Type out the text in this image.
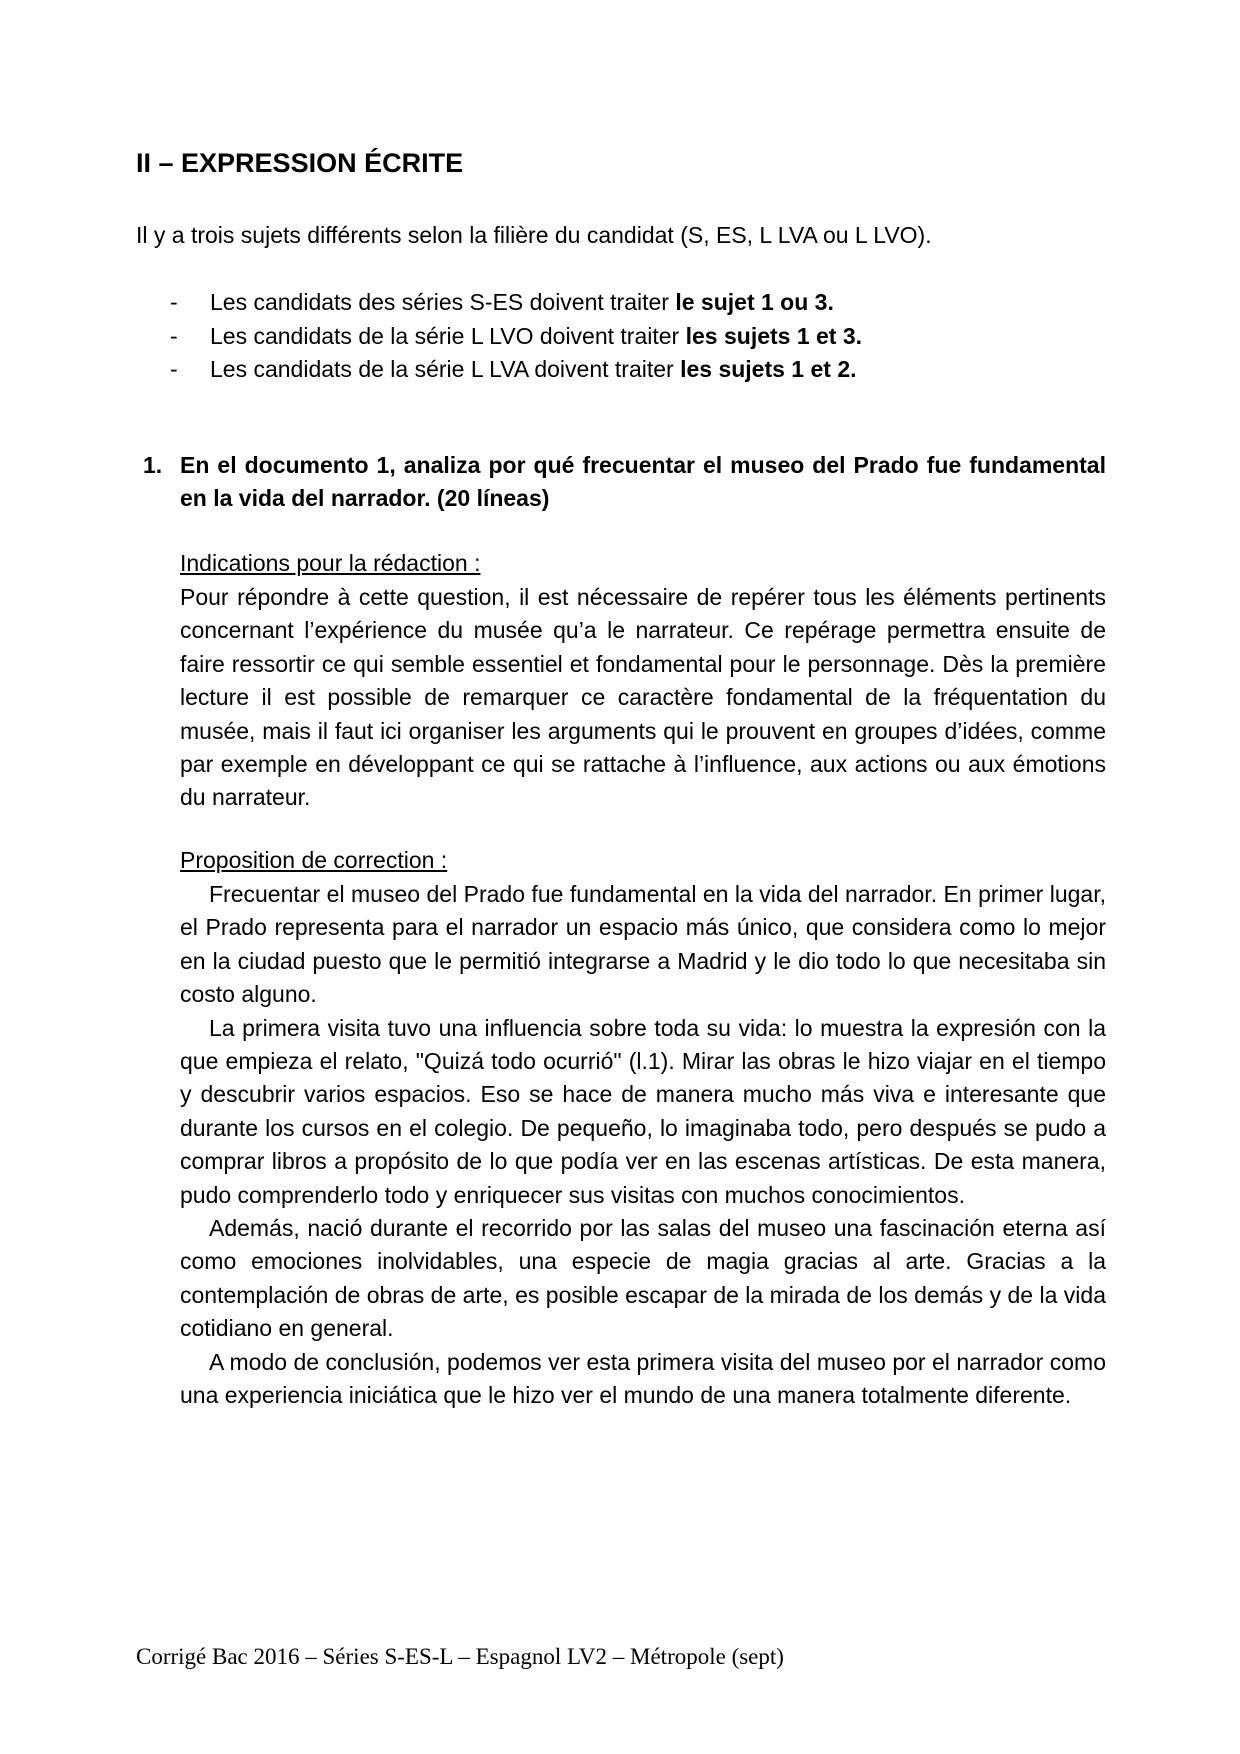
II – EXPRESSION ÉCRITE

Il y a trois sujets différents selon la filière du candidat (S, ES, L LVA ou L LVO).

- Les candidats des séries S-ES doivent traiter le sujet 1 ou 3.
- Les candidats de la série L LVO doivent traiter les sujets 1 et 3.
- Les candidats de la série L LVA doivent traiter les sujets 1 et 2.
1. En el documento 1, analiza por qué frecuentar el museo del Prado fue fundamental en la vida del narrador. (20 líneas)

Indications pour la rédaction :

Pour répondre à cette question, il est nécessaire de repérer tous les éléments pertinents concernant l’expérience du musée qu’a le narrateur. Ce repérage permettra ensuite de faire ressortir ce qui semble essentiel et fondamental pour le personnage. Dès la première lecture il est possible de remarquer ce caractère fondamental de la fréquentation du musée, mais il faut ici organiser les arguments qui le prouvent en groupes d’idées, comme par exemple en développant ce qui se rattache à l’influence, aux actions ou aux émotions du narrateur.

Proposition de correction :

Frecuentar el museo del Prado fue fundamental en la vida del narrador. En primer lugar, el Prado representa para el narrador un espacio más único, que considera como lo mejor en la ciudad puesto que le permitió integrarse a Madrid y le dio todo lo que necesitaba sin costo alguno.

La primera visita tuvo una influencia sobre toda su vida: lo muestra la expresión con la que empieza el relato, "Quizá todo ocurrió" (l.1). Mirar las obras le hizo viajar en el tiempo y descubrir varios espacios. Eso se hace de manera mucho más viva e interesante que durante los cursos en el colegio. De pequeño, lo imaginaba todo, pero después se pudo a comprar libros a propósito de lo que podía ver en las escenas artísticas. De esta manera, pudo comprenderlo todo y enriquecer sus visitas con muchos conocimientos.

Además, nació durante el recorrido por las salas del museo una fascinación eterna así como emociones inolvidables, una especie de magia gracias al arte. Gracias a la contemplación de obras de arte, es posible escapar de la mirada de los demás y de la vida cotidiano en general.

A modo de conclusión, podemos ver esta primera visita del museo por el narrador como una experiencia iniciática que le hizo ver el mundo de una manera totalmente diferente.

Corrigé Bac 2016 – Séries S-ES-L – Espagnol LV2 – Métropole (sept)
